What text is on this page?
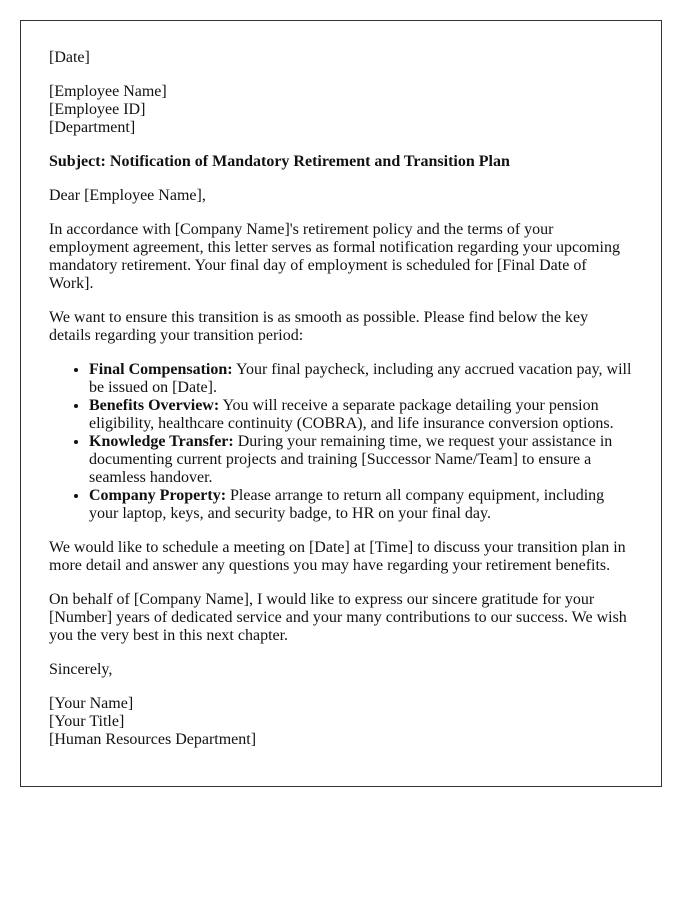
[Date]

[Employee Name]
[Employee ID]
[Department]

Subject: Notification of Mandatory Retirement and Transition Plan

Dear [Employee Name],

In accordance with [Company Name]'s retirement policy and the terms of your employment agreement, this letter serves as formal notification regarding your upcoming mandatory retirement. Your final day of employment is scheduled for [Final Date of Work].

We want to ensure this transition is as smooth as possible. Please find below the key details regarding your transition period:

• Final Compensation: Your final paycheck, including any accrued vacation pay, will be issued on [Date].
• Benefits Overview: You will receive a separate package detailing your pension eligibility, healthcare continuity (COBRA), and life insurance conversion options.
• Knowledge Transfer: During your remaining time, we request your assistance in documenting current projects and training [Successor Name/Team] to ensure a seamless handover.
• Company Property: Please arrange to return all company equipment, including your laptop, keys, and security badge, to HR on your final day.

We would like to schedule a meeting on [Date] at [Time] to discuss your transition plan in more detail and answer any questions you may have regarding your retirement benefits.

On behalf of [Company Name], I would like to express our sincere gratitude for your [Number] years of dedicated service and your many contributions to our success. We wish you the very best in this next chapter.

Sincerely,

[Your Name]
[Your Title]
[Human Resources Department]
